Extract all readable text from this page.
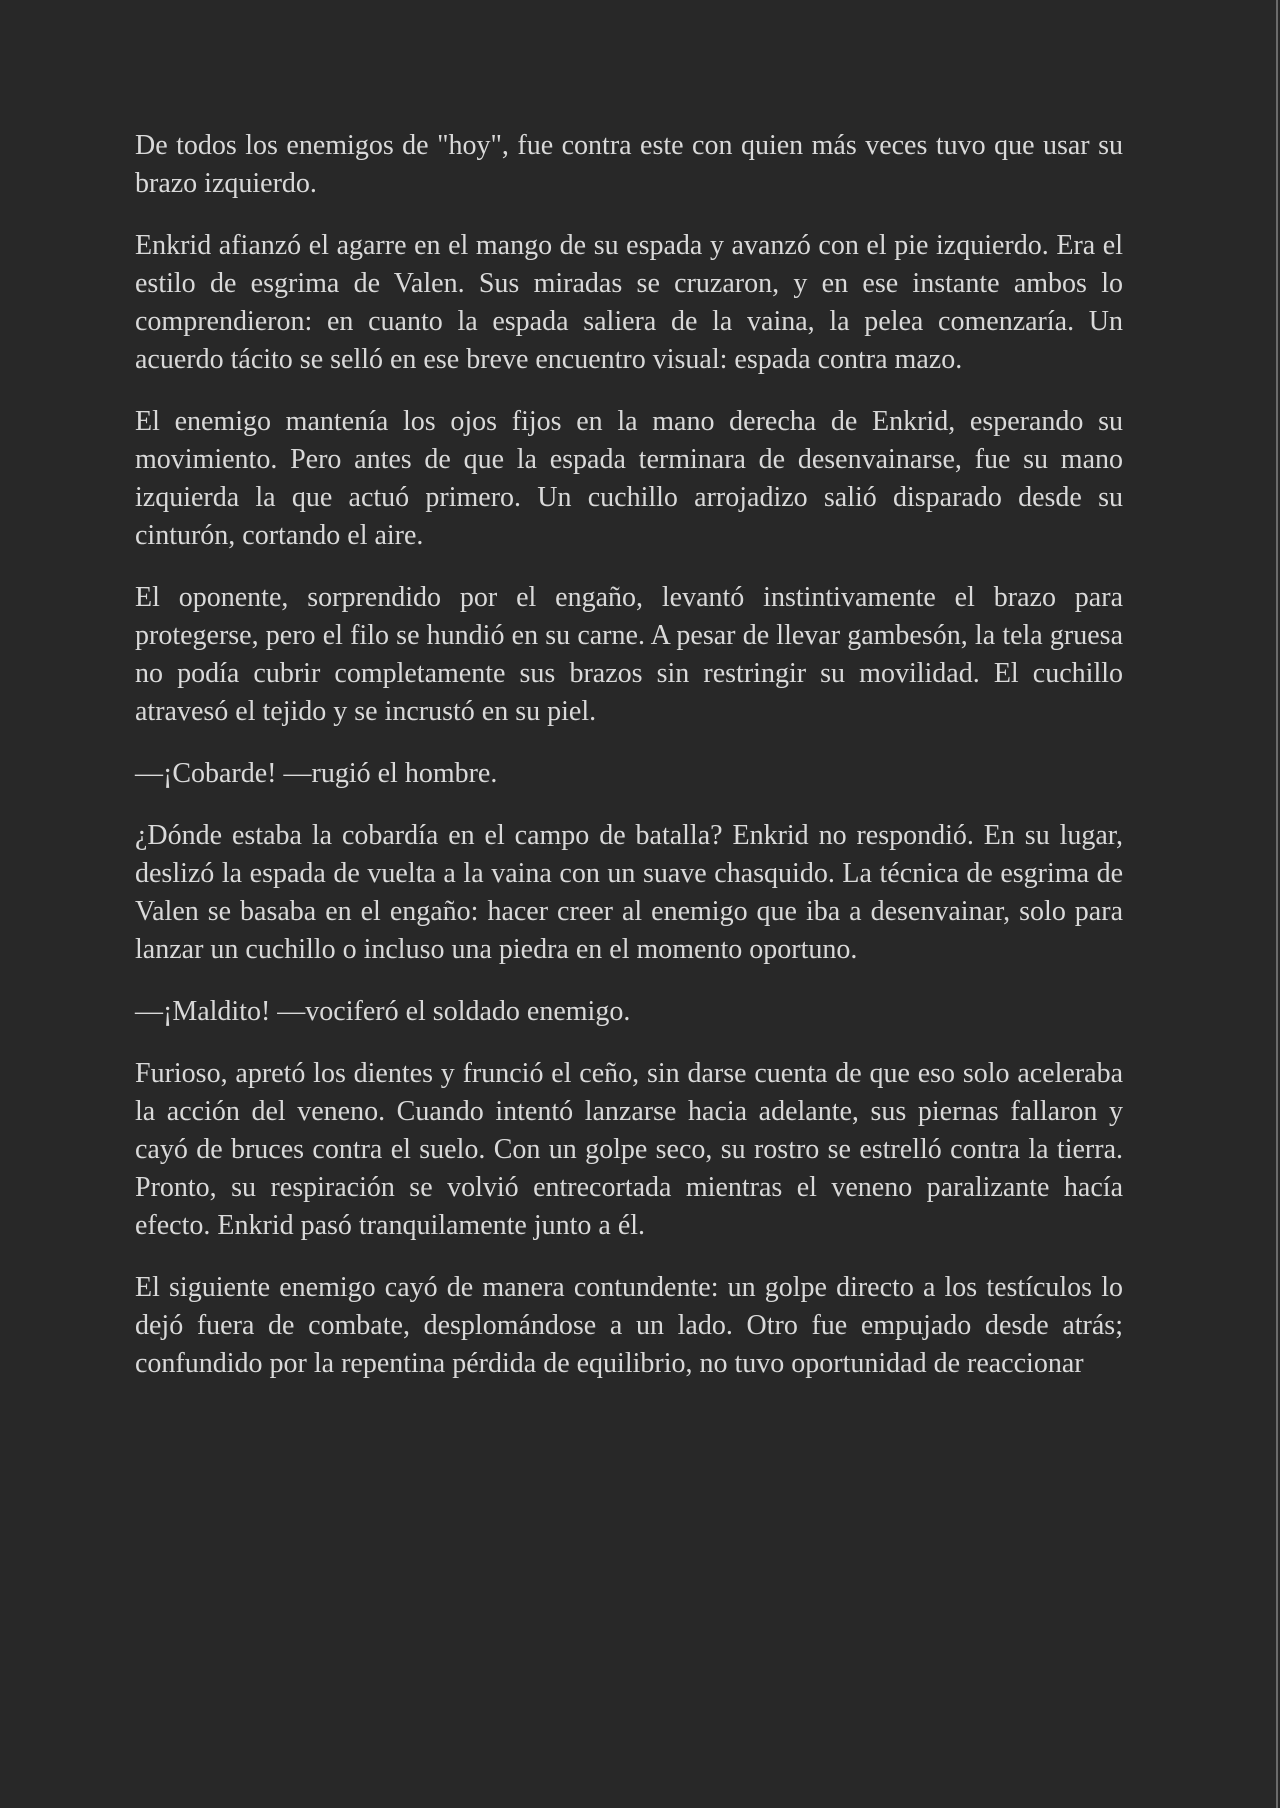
De todos los enemigos de "hoy", fue contra este con quien más veces tuvo que usar su brazo izquierdo.

Enkrid afianzó el agarre en el mango de su espada y avanzó con el pie izquierdo. Era el estilo de esgrima de Valen. Sus miradas se cruzaron, y en ese instante ambos lo comprendieron: en cuanto la espada saliera de la vaina, la pelea comenzaría. Un acuerdo tácito se selló en ese breve encuentro visual: espada contra mazo.

El enemigo mantenía los ojos fijos en la mano derecha de Enkrid, esperando su movimiento. Pero antes de que la espada terminara de desenvainarse, fue su mano izquierda la que actuó primero. Un cuchillo arrojadizo salió disparado desde su cinturón, cortando el aire.

El oponente, sorprendido por el engaño, levantó instintivamente el brazo para protegerse, pero el filo se hundió en su carne. A pesar de llevar gambesón, la tela gruesa no podía cubrir completamente sus brazos sin restringir su movilidad. El cuchillo atravesó el tejido y se incrustó en su piel.

—¡Cobarde! —rugió el hombre.

¿Dónde estaba la cobardía en el campo de batalla? Enkrid no respondió. En su lugar, deslizó la espada de vuelta a la vaina con un suave chasquido. La técnica de esgrima de Valen se basaba en el engaño: hacer creer al enemigo que iba a desenvainar, solo para lanzar un cuchillo o incluso una piedra en el momento oportuno.

—¡Maldito! —vociferó el soldado enemigo.

Furioso, apretó los dientes y frunció el ceño, sin darse cuenta de que eso solo aceleraba la acción del veneno. Cuando intentó lanzarse hacia adelante, sus piernas fallaron y cayó de bruces contra el suelo. Con un golpe seco, su rostro se estrelló contra la tierra. Pronto, su respiración se volvió entrecortada mientras el veneno paralizante hacía efecto. Enkrid pasó tranquilamente junto a él.

El siguiente enemigo cayó de manera contundente: un golpe directo a los testículos lo dejó fuera de combate, desplomándose a un lado. Otro fue empujado desde atrás; confundido por la repentina pérdida de equilibrio, no tuvo oportunidad de reaccionar
